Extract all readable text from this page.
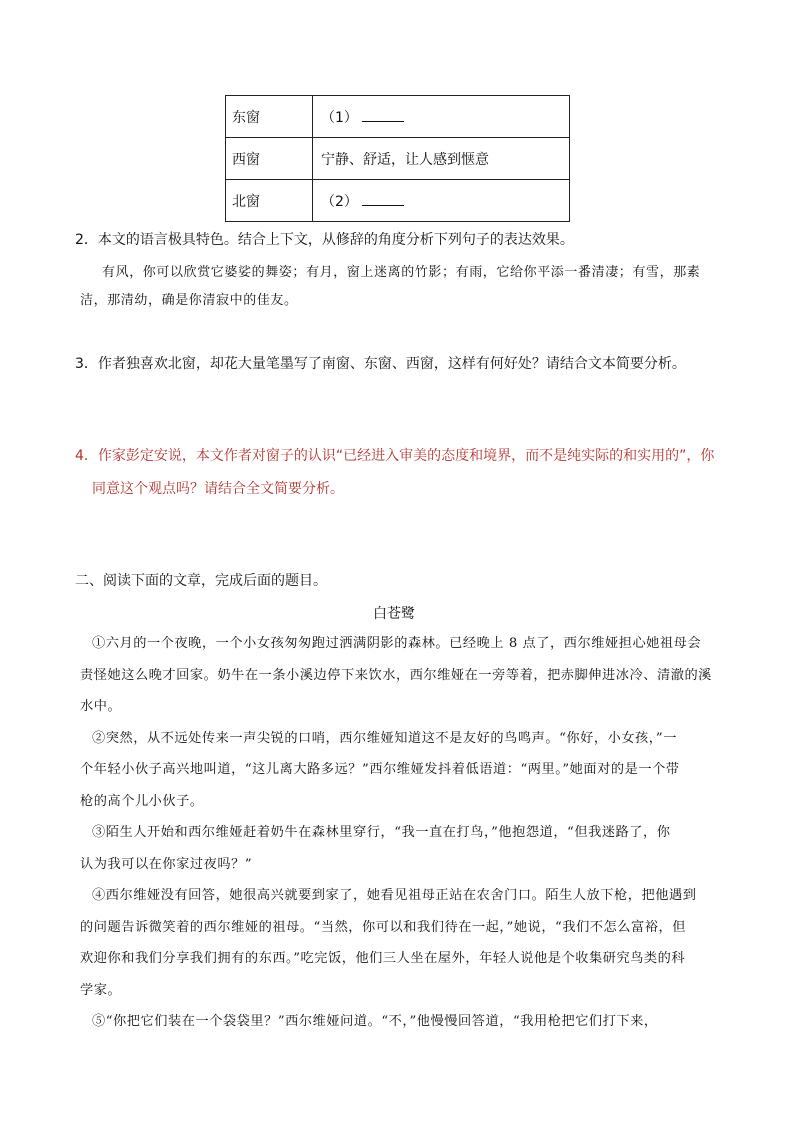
东窗	（1）
西窗	宁静、舒适，让人感到惬意
北窗	（2）
2．本文的语言极具特色。结合上下文，从修辞的角度分析下列句子的表达效果。
有风，你可以欣赏它婆娑的舞姿；有月，窗上迷离的竹影；有雨，它给你平添一番清凄；有雪，那素
洁，那清幼，确是你清寂中的佳友。
3．作者独喜欢北窗，却花大量笔墨写了南窗、东窗、西窗，这样有何好处？请结合文本简要分析。
4．作家彭定安说，本文作者对窗子的认识“已经进入审美的态度和境界，而不是纯实际的和实用的”，你
同意这个观点吗？请结合全文简要分析。
二、阅读下面的文章，完成后面的题目。
白苍鹭
①六月的一个夜晚，一个小女孩匆匆跑过洒满阴影的森林。已经晚上 8 点了，西尔维娅担心她祖母会
责怪她这么晚才回家。奶牛在一条小溪边停下来饮水，西尔维娅在一旁等着，把赤脚伸进冰冷、清澈的溪
水中。
②突然，从不远处传来一声尖锐的口哨，西尔维娅知道这不是友好的鸟鸣声。“你好，小女孩，”一
个年轻小伙子高兴地叫道，“这儿离大路多远？”西尔维娅发抖着低语道：“两里。”她面对的是一个带
枪的高个儿小伙子。
③陌生人开始和西尔维娅赶着奶牛在森林里穿行，“我一直在打鸟，”他抱怨道，“但我迷路了，你
认为我可以在你家过夜吗？”
④西尔维娅没有回答，她很高兴就要到家了，她看见祖母正站在农舍门口。陌生人放下枪，把他遇到
的问题告诉微笑着的西尔维娅的祖母。“当然，你可以和我们待在一起，”她说，“我们不怎么富裕，但
欢迎你和我们分享我们拥有的东西。”吃完饭，他们三人坐在屋外，年轻人说他是个收集研究鸟类的科
学家。
⑤“你把它们装在一个袋袋里？”西尔维娅问道。“不，”他慢慢回答道，“我用枪把它们打下来，
